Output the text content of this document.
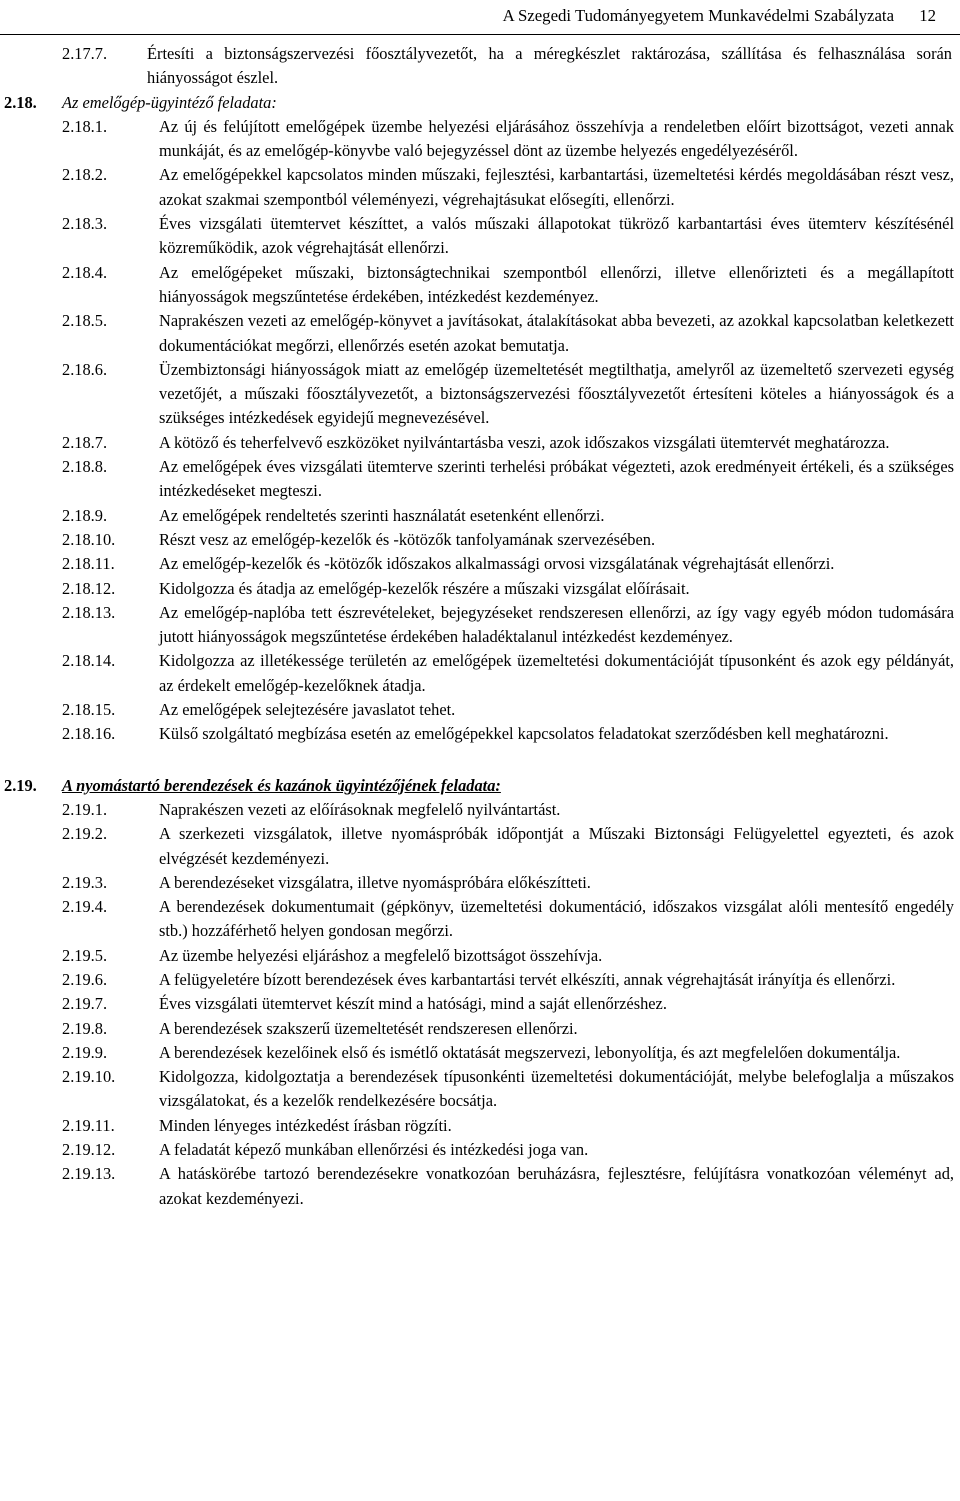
A Szegedi Tudományegyetem Munkavédelmi Szabályzata 12
2.17.7. Értesíti a biztonságszervezési főosztályvezetőt, ha a méregkészlet raktározása, szállítása és felhasználása során hiányosságot észlel.
2.18. Az emelőgép-ügyintéző feladata:
2.18.1.	Az új és felújított emelőgépek üzembe helyezési eljárásához összehívja a rendeletben előírt bizottságot, vezeti annak munkáját, és az emelőgép-könyvbe való bejegyzéssel dönt az üzembe helyezés engedélyezéséről.
2.18.2.	Az emelőgépekkel kapcsolatos minden műszaki, fejlesztési, karbantartási, üzemeltetési kérdés megoldásában részt vesz, azokat szakmai szempontból véleményezi, végrehajtásukat elősegíti, ellenőrzi.
2.18.3.	Éves vizsgálati ütemtervet készíttet, a valós műszaki állapotokat tükröző karbantartási éves ütemterv készítésénél közreműködik, azok végrehajtását ellenőrzi.
2.18.4.	Az emelőgépeket műszaki, biztonságtechnikai szempontból ellenőrzi, illetve ellenőrizteti és a megállapított hiányosságok megszűntetése érdekében, intézkedést kezdeményez.
2.18.5.	Naprakészen vezeti az emelőgép-könyvet a javításokat, átalakításokat abba bevezeti, az azokkal kapcsolatban keletkezett dokumentációkat megőrzi, ellenőrzés esetén azokat bemutatja.
2.18.6.	Üzembiztonsági hiányosságok miatt az emelőgép üzemeltetését megtilthatja, amelyről az üzemeltető szervezeti egység vezetőjét, a műszaki főosztályvezetőt, a biztonságszervezési főosztályvezetőt értesíteni köteles a hiányosságok és a szükséges intézkedések egyidejű megnevezésével.
2.18.7.	A kötöző és teherfelvevő eszközöket nyilvántartásba veszi, azok időszakos vizsgálati ütemtervét meghatározza.
2.18.8.	Az emelőgépek éves vizsgálati ütemterve szerinti terhelési próbákat végezteti, azok eredményeit értékeli, és a szükséges intézkedéseket megteszi.
2.18.9.	Az emelőgépek rendeltetés szerinti használatát esetenként ellenőrzi.
2.18.10.	Részt vesz az emelőgép-kezelők és -kötözők tanfolyamának szervezésében.
2.18.11.	Az emelőgép-kezelők és -kötözők időszakos alkalmassági orvosi vizsgálatának végrehajtását ellenőrzi.
2.18.12.	Kidolgozza és átadja az emelőgép-kezelők részére a műszaki vizsgálat előírásait.
2.18.13.	Az emelőgép-naplóba tett észrevételeket, bejegyzéseket rendszeresen ellenőrzi, az így vagy egyéb módon tudomására jutott hiányosságok megszűntetése érdekében haladéktalanul intézkedést kezdeményez.
2.18.14.	Kidolgozza az illetékessége területén az emelőgépek üzemeltetési dokumentációját típusonként és azok egy példányát, az érdekelt emelőgép-kezelőknek átadja.
2.18.15.	Az emelőgépek selejtezésére javaslatot tehet.
2.18.16.	Külső szolgáltató megbízása esetén az emelőgépekkel kapcsolatos feladatokat szerződésben kell meghatározni.
2.19. A nyomástartó berendezések és kazánok ügyintézőjének feladata:
2.19.1.	Naprakészen vezeti az előírásoknak megfelelő nyilvántartást.
2.19.2.	A szerkezeti vizsgálatok, illetve nyomáspróbák időpontját a Műszaki Biztonsági Felügyelettel egyezteti, és azok elvégzését kezdeményezi.
2.19.3.	A berendezéseket vizsgálatra, illetve nyomáspróbára előkészítteti.
2.19.4.	A berendezések dokumentumait (gépkönyv, üzemeltetési dokumentáció, időszakos vizsgálat alóli mentesítő engedély stb.) hozzáférhető helyen gondosan megőrzi.
2.19.5.	Az üzembe helyezési eljáráshoz a megfelelő bizottságot összehívja.
2.19.6.	A felügyeletére bízott berendezések éves karbantartási tervét elkészíti, annak végrehajtását irányítja és ellenőrzi.
2.19.7.	Éves vizsgálati ütemtervet készít mind a hatósági, mind a saját ellenőrzéshez.
2.19.8.	A berendezések szakszerű üzemeltetését rendszeresen ellenőrzi.
2.19.9.	A berendezések kezelőinek első és ismétlő oktatását megszervezi, lebonyolítja, és azt megfelelően dokumentálja.
2.19.10.	Kidolgozza, kidolgoztatja a berendezések típusonkénti üzemeltetési dokumentációját, melybe belefoglalja a műszakos vizsgálatokat, és a kezelők rendelkezésére bocsátja.
2.19.11.	Minden lényeges intézkedést írásban rögzíti.
2.19.12.	A feladatát képező munkában ellenőrzési és intézkedési joga van.
2.19.13.	A hatáskörébe tartozó berendezésekre vonatkozóan beruházásra, fejlesztésre, felújításra vonatkozóan véleményt ad, azokat kezdeményezi.
